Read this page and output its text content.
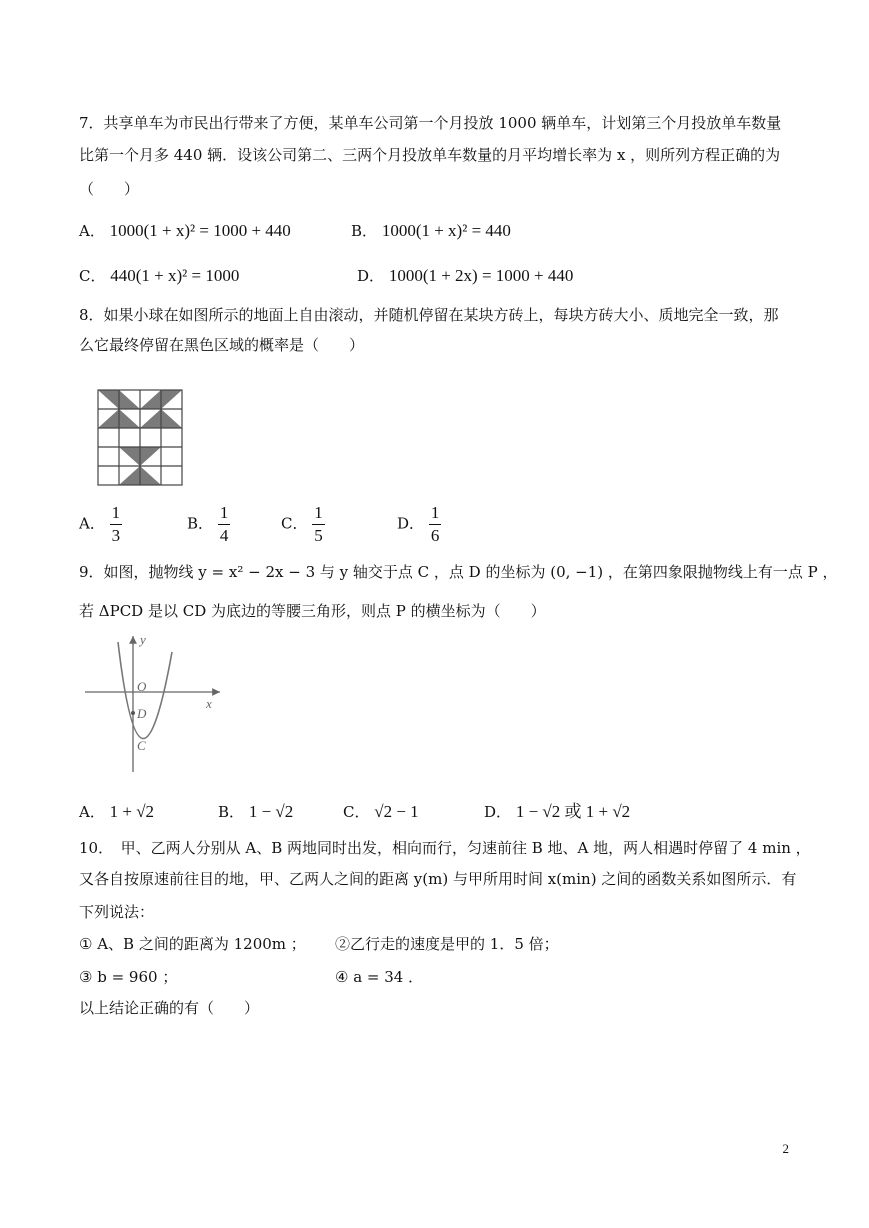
7．共享单车为市民出行带来了方便，某单车公司第一个月投放 1000 辆单车，计划第三个月投放单车数量
比第一个月多 440 辆．设该公司第二、三两个月投放单车数量的月平均增长率为 x ，则所列方程正确的为
（　　）
A． 1000(1 + x)² = 1000 + 440	B． 1000(1 + x)² = 440
C． 440(1 + x)² = 1000	D． 1000(1 + 2x) = 1000 + 440
8．如果小球在如图所示的地面上自由滚动，并随机停留在某块方砖上，每块方砖大小、质地完全一致，那
么它最终停留在黑色区域的概率是（　　）
A． $\frac{1}{3}$	B． $\frac{1}{4}$	C． $\frac{1}{5}$	D． $\frac{1}{6}$
9．如图，抛物线 y = x² − 2x − 3 与 y 轴交于点 C ，点 D 的坐标为 (0, −1) ，在第四象限抛物线上有一点 P ，
若 ΔPCD 是以 CD 为底边的等腰三角形，则点 P 的横坐标为（　　）
y
x
O
D
C
A． 1 + √2	B． 1 − √2	C． √2 − 1	D． 1 − √2 或 1 + √2
10．　甲、乙两人分别从 A、B 两地同时出发，相向而行，匀速前往 B 地、A 地，两人相遇时停留了 4 min ，
又各自按原速前往目的地，甲、乙两人之间的距离 y(m) 与甲所用时间 x(min) 之间的函数关系如图所示．有
下列说法：
① A、B 之间的距离为 1200m ； ②乙行走的速度是甲的 1．5 倍；
③ b = 960 ；	④ a = 34 ．
以上结论正确的有（　　）
2
